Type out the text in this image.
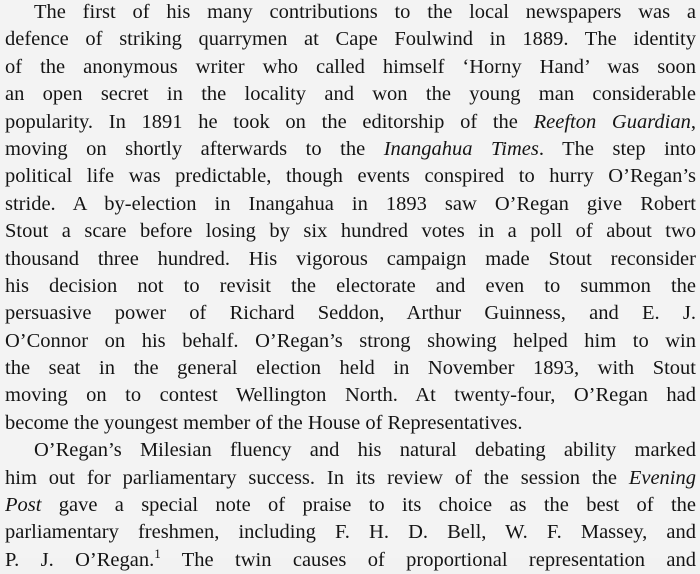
The first of his many contributions to the local newspapers was a
defence of striking quarrymen at Cape Foulwind in 1889. The identity
of the anonymous writer who called himself ‘Horny Hand’ was soon
an open secret in the locality and won the young man considerable
popularity. In 1891 he took on the editorship of the Reefton Guardian,
moving on shortly afterwards to the Inangahua Times. The step into
political life was predictable, though events conspired to hurry O’Regan’s
stride. A by-election in Inangahua in 1893 saw O’Regan give Robert
Stout a scare before losing by six hundred votes in a poll of about two
thousand three hundred. His vigorous campaign made Stout reconsider
his decision not to revisit the electorate and even to summon the
persuasive power of Richard Seddon, Arthur Guinness, and E. J.
O’Connor on his behalf. O’Regan’s strong showing helped him to win
the seat in the general election held in November 1893, with Stout
moving on to contest Wellington North. At twenty-four, O’Regan had
become the youngest member of the House of Representatives.
O’Regan’s Milesian fluency and his natural debating ability marked
him out for parliamentary success. In its review of the session the Evening
Post gave a special note of praise to its choice as the best of the
parliamentary freshmen, including F. H. D. Bell, W. F. Massey, and
P. J. O’Regan.$^1$ The twin causes of proportional representation and
